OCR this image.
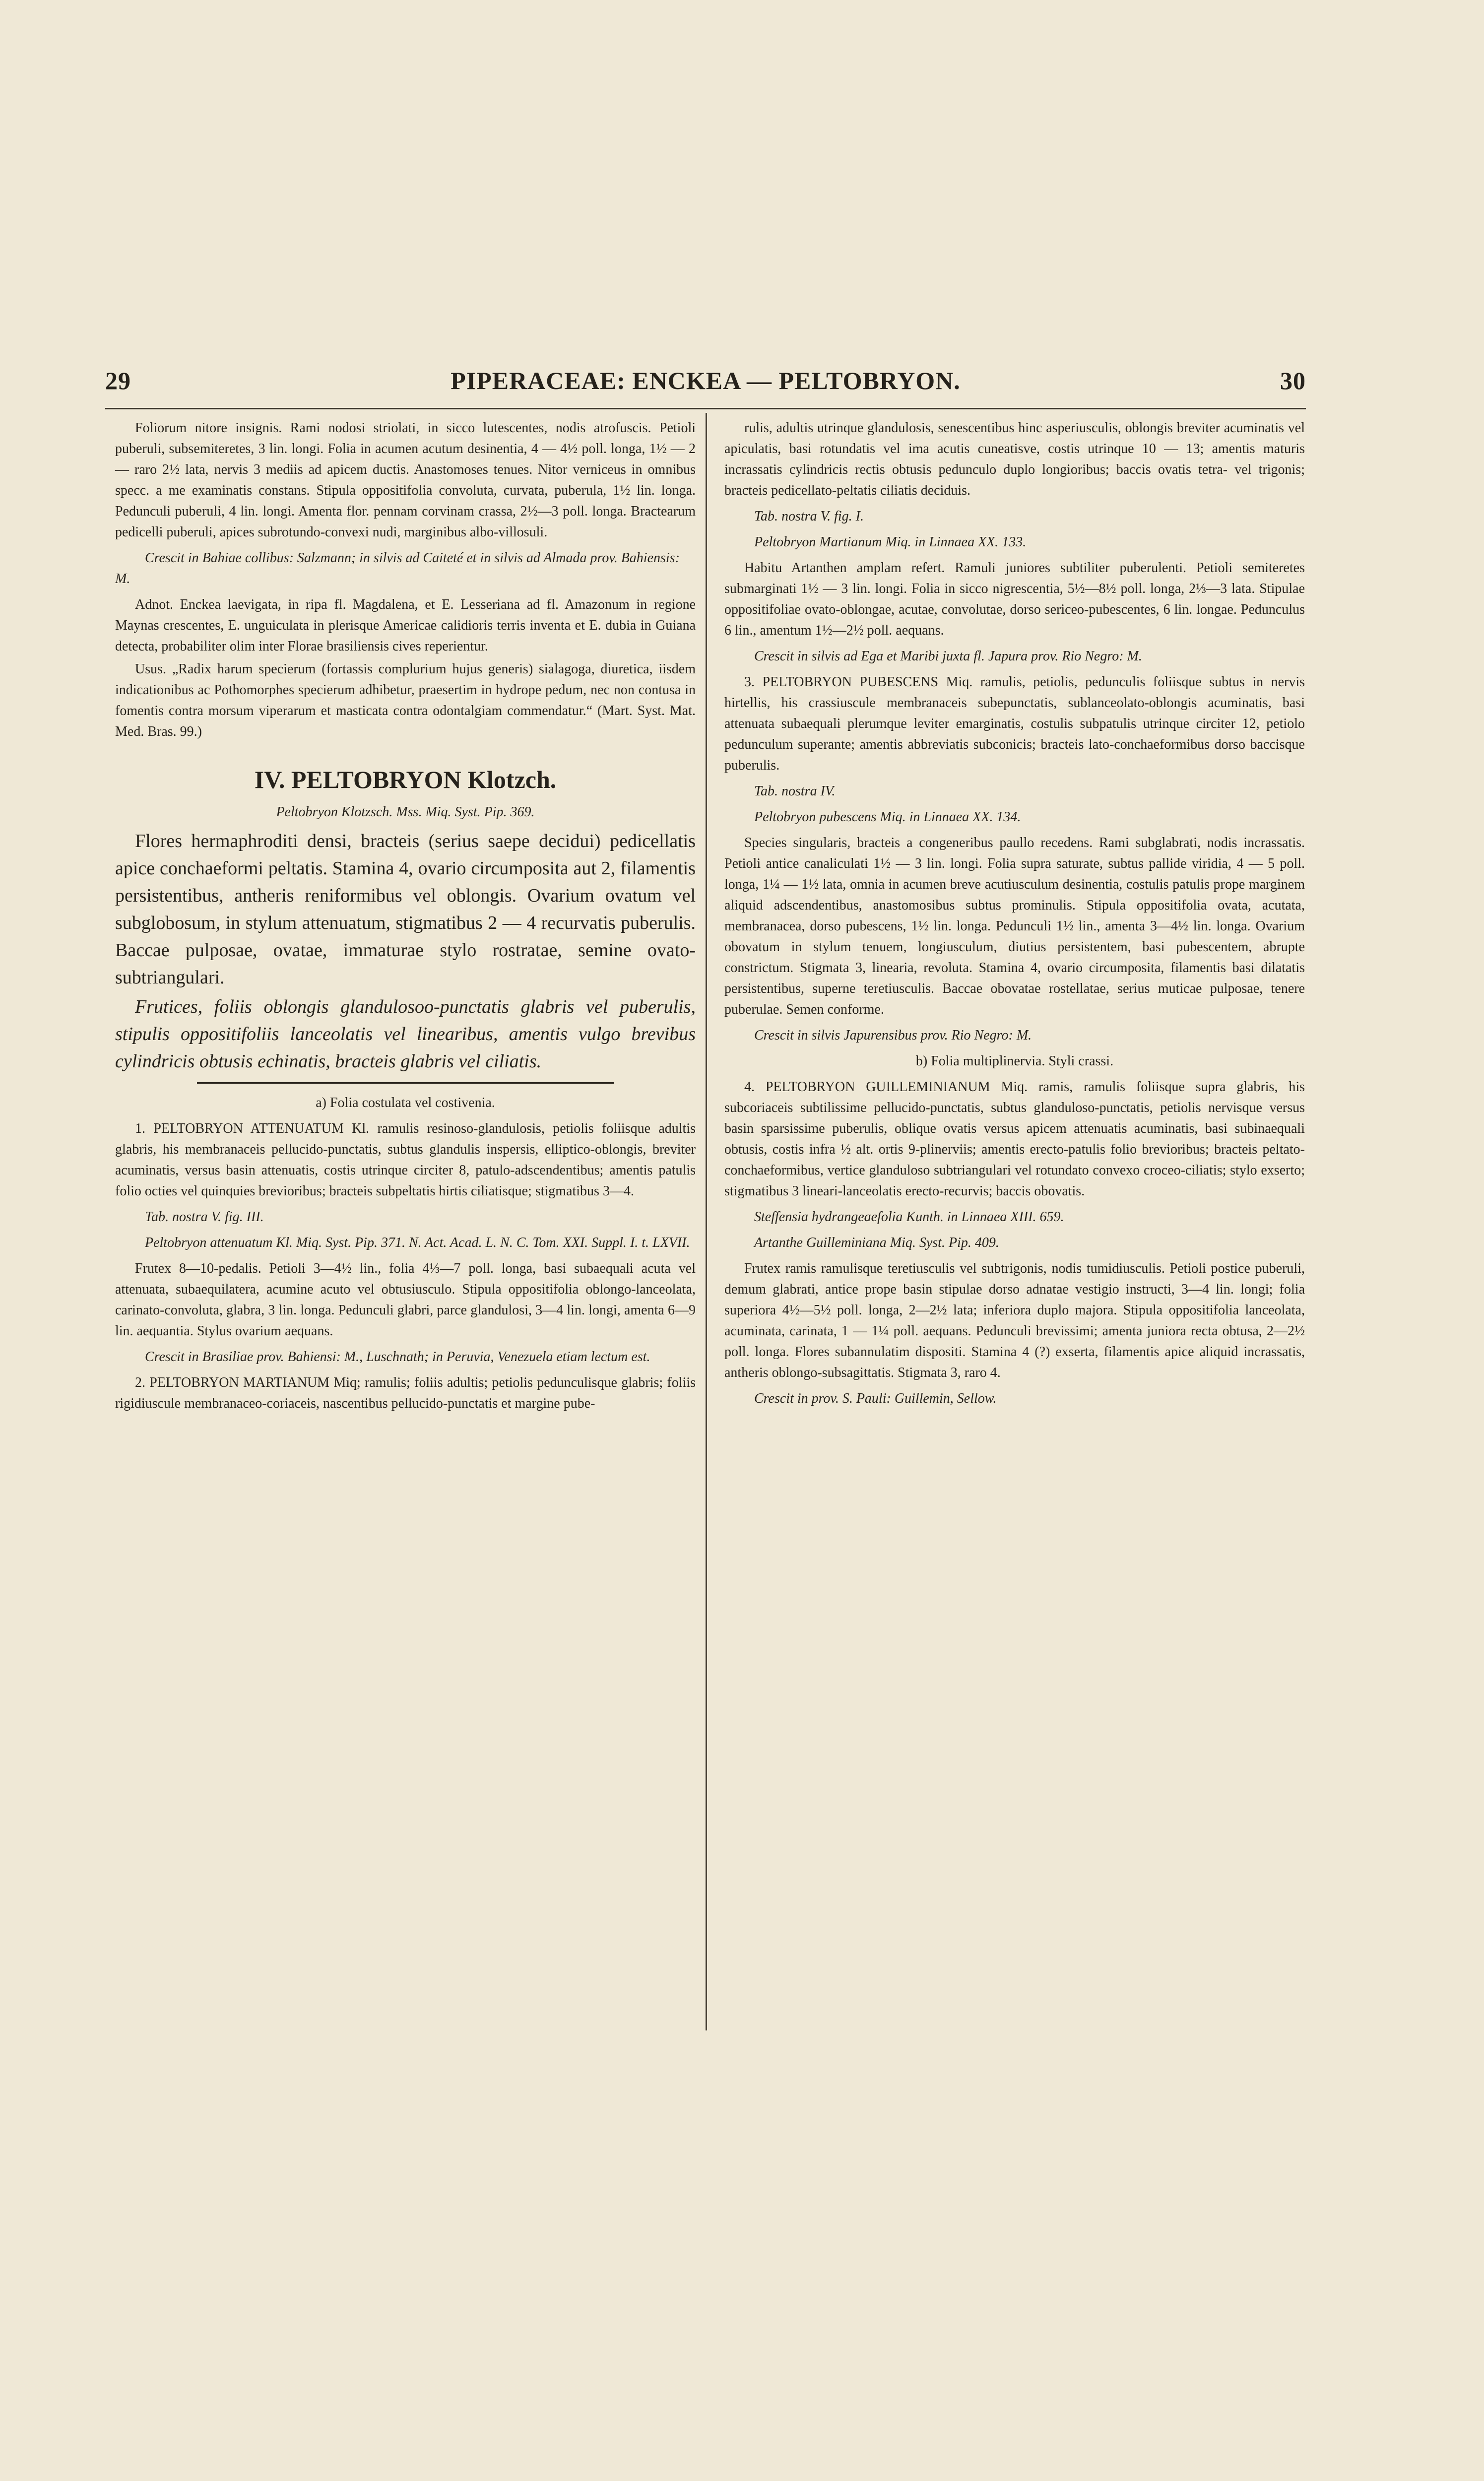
29	PIPERACEAE: ENCKEA — PELTOBRYON.	30

Foliorum nitore insignis. Rami nodosi striolati, in sicco lutescentes, nodis atrofuscis. Petioli puberuli, subsemiteretes, 3 lin. longi. Folia in acumen acutum desinentia, 4 — 4½ poll. longa, 1½ — 2 — raro 2½ lata, nervis 3 mediis ad apicem ductis. Anastomoses tenues. Nitor verniceus in omnibus specc. a me examinatis constans. Stipula oppositifolia convoluta, curvata, puberula, 1½ lin. longa. Pedunculi puberuli, 4 lin. longi. Amenta flor. pennam corvinam crassa, 2½—3 poll. longa. Bractearum pedicelli puberuli, apices subrotundo-convexi nudi, marginibus albo-villosuli.

Crescit in Bahiae collibus: Salzmann; in silvis ad Caiteté et in silvis ad Almada prov. Bahiensis: M.

Adnot. Enckea laevigata, in ripa fl. Magdalena, et E. Lesseriana ad fl. Amazonum in regione Maynas crescentes, E. unguiculata in plerisque Americae calidioris terris inventa et E. dubia in Guiana detecta, probabiliter olim inter Florae brasiliensis cives reperientur.

Usus. „Radix harum specierum (fortassis complurium hujus generis) sialagoga, diuretica, iisdem indicationibus ac Pothomorphes specierum adhibetur, praesertim in hydrope pedum, nec non contusa in fomentis contra morsum viperarum et masticata contra odontalgiam commendatur.“ (Mart. Syst. Mat. Med. Bras. 99.)

IV. PELTOBRYON Klotzch.

Peltobryon Klotzsch. Mss. Miq. Syst. Pip. 369.

Flores hermaphroditi densi, bracteis (serius saepe decidui) pedicellatis apice conchaeformi peltatis. Stamina 4, ovario circumposita aut 2, filamentis persistentibus, antheris reniformibus vel oblongis. Ovarium ovatum vel subglobosum, in stylum attenuatum, stigmatibus 2 — 4 recurvatis puberulis. Baccae pulposae, ovatae, immaturae stylo rostratae, semine ovato-subtriangulari.

Frutices, foliis oblongis glandulosoo-punctatis glabris vel puberulis, stipulis oppositifoliis lanceolatis vel linearibus, amentis vulgo brevibus cylindricis obtusis echinatis, bracteis glabris vel ciliatis.

a) Folia costulata vel costivenia.

1. PELTOBRYON ATTENUATUM Kl. ramulis resinoso-glandulosis, petiolis foliisque adultis glabris, his membranaceis pellucido-punctatis, subtus glandulis inspersis, elliptico-oblongis, breviter acuminatis, versus basin attenuatis, costis utrinque circiter 8, patulo-adscendentibus; amentis patulis folio octies vel quinquies brevioribus; bracteis subpeltatis hirtis ciliatisque; stigmatibus 3—4.

Tab. nostra V. fig. III.

Peltobryon attenuatum Kl. Miq. Syst. Pip. 371. N. Act. Acad. L. N. C. Tom. XXI. Suppl. I. t. LXVII.

Frutex 8—10-pedalis. Petioli 3—4½ lin., folia 4⅓—7 poll. longa, basi subaequali acuta vel attenuata, subaequilatera, acumine acuto vel obtusiusculo. Stipula oppositifolia oblongo-lanceolata, carinato-convoluta, glabra, 3 lin. longa. Pedunculi glabri, parce glandulosi, 3—4 lin. longi, amenta 6—9 lin. aequantia. Stylus ovarium aequans.

Crescit in Brasiliae prov. Bahiensi: M., Luschnath; in Peruvia, Venezuela etiam lectum est.

2. PELTOBRYON MARTIANUM Miq; ramulis; foliis adultis; petiolis pedunculisque glabris; foliis rigidiuscule membranaceo-coriaceis, nascentibus pellucido-punctatis et margine pube-

rulis, adultis utrinque glandulosis, senescentibus hinc asperiusculis, oblongis breviter acuminatis vel apiculatis, basi rotundatis vel ima acutis cuneatisve, costis utrinque 10 — 13; amentis maturis incrassatis cylindricis rectis obtusis pedunculo duplo longioribus; baccis ovatis tetra- vel trigonis; bracteis pedicellato-peltatis ciliatis deciduis.

Tab. nostra V. fig. I.

Peltobryon Martianum Miq. in Linnaea XX. 133.

Habitu Artanthen amplam refert. Ramuli juniores subtiliter puberulenti. Petioli semiteretes submarginati 1½ — 3 lin. longi. Folia in sicco nigrescentia, 5½—8½ poll. longa, 2⅓—3 lata. Stipulae oppositifoliae ovato-oblongae, acutae, convolutae, dorso sericeo-pubescentes, 6 lin. longae. Pedunculus 6 lin., amentum 1½—2½ poll. aequans.

Crescit in silvis ad Ega et Maribi juxta fl. Japura prov. Rio Negro: M.

3. PELTOBRYON PUBESCENS Miq. ramulis, petiolis, pedunculis foliisque subtus in nervis hirtellis, his crassiuscule membranaceis subepunctatis, sublanceolato-oblongis acuminatis, basi attenuata subaequali plerumque leviter emarginatis, costulis subpatulis utrinque circiter 12, petiolo pedunculum superante; amentis abbreviatis subconicis; bracteis lato-conchaeformibus dorso baccisque puberulis.

Tab. nostra IV.

Peltobryon pubescens Miq. in Linnaea XX. 134.

Species singularis, bracteis a congeneribus paullo recedens. Rami subglabrati, nodis incrassatis. Petioli antice canaliculati 1½ — 3 lin. longi. Folia supra saturate, subtus pallide viridia, 4 — 5 poll. longa, 1¼ — 1½ lata, omnia in acumen breve acutiusculum desinentia, costulis patulis prope marginem aliquid adscendentibus, anastomosibus subtus prominulis. Stipula oppositifolia ovata, acutata, membranacea, dorso pubescens, 1½ lin. longa. Pedunculi 1½ lin., amenta 3—4½ lin. longa. Ovarium obovatum in stylum tenuem, longiusculum, diutius persistentem, basi pubescentem, abrupte constrictum. Stigmata 3, linearia, revoluta. Stamina 4, ovario circumposita, filamentis basi dilatatis persistentibus, superne teretiusculis. Baccae obovatae rostellatae, serius muticae pulposae, tenere puberulae. Semen conforme.

Crescit in silvis Japurensibus prov. Rio Negro: M.

b) Folia multiplinervia. Styli crassi.

4. PELTOBRYON GUILLEMINIANUM Miq. ramis, ramulis foliisque supra glabris, his subcoriaceis subtilissime pellucido-punctatis, subtus glanduloso-punctatis, petiolis nervisque versus basin sparsissime puberulis, oblique ovatis versus apicem attenuatis acuminatis, basi subinaequali obtusis, costis infra ½ alt. ortis 9-plinerviis; amentis erecto-patulis folio brevioribus; bracteis peltato-conchaeformibus, vertice glanduloso subtriangulari vel rotundato convexo croceo-ciliatis; stylo exserto; stigmatibus 3 lineari-lanceolatis erecto-recurvis; baccis obovatis.

Steffensia hydrangeaefolia Kunth. in Linnaea XIII. 659.

Artanthe Guilleminiana Miq. Syst. Pip. 409.

Frutex ramis ramulisque teretiusculis vel subtrigonis, nodis tumidiusculis. Petioli postice puberuli, demum glabrati, antice prope basin stipulae dorso adnatae vestigio instructi, 3—4 lin. longi; folia superiora 4½—5½ poll. longa, 2—2½ lata; inferiora duplo majora. Stipula oppositifolia lanceolata, acuminata, carinata, 1 — 1¼ poll. aequans. Pedunculi brevissimi; amenta juniora recta obtusa, 2—2½ poll. longa. Flores subannulatim dispositi. Stamina 4 (?) exserta, filamentis apice aliquid incrassatis, antheris oblongo-subsagittatis. Stigmata 3, raro 4.

Crescit in prov. S. Pauli: Guillemin, Sellow.
